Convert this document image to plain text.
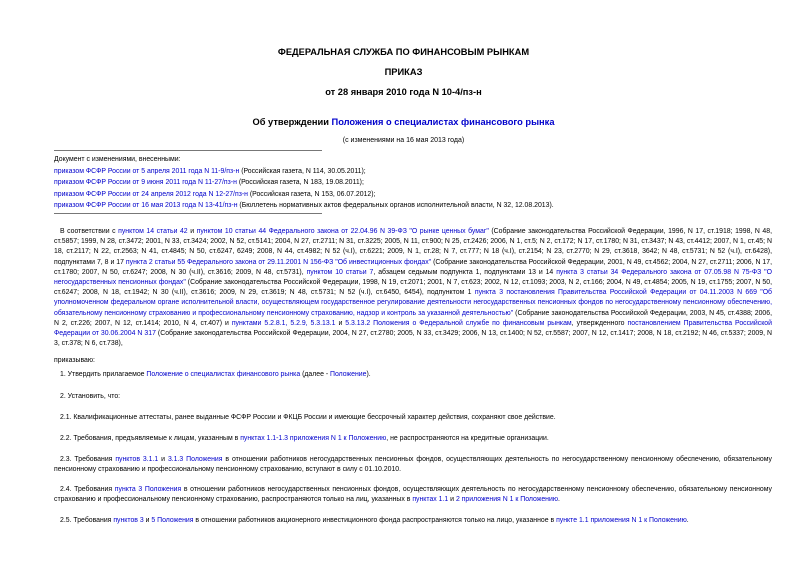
ФЕДЕРАЛЬНАЯ СЛУЖБА ПО ФИНАНСОВЫМ РЫНКАМ
ПРИКАЗ
от 28 января 2010 года N 10-4/пз-н
Об утверждении Положения о специалистах финансового рынка
(с изменениями на 16 мая 2013 года)
Документ с изменениями, внесенными:
приказом ФСФР России от 5 апреля 2011 года N 11-9/пз-н (Российская газета, N 114, 30.05.2011);
приказом ФСФР России от 9 июня 2011 года N 11-27/пз-н (Российская газета, N 183, 19.08.2011);
приказом ФСФР России от 24 апреля 2012 года N 12-27/пз-н (Российская газета, N 153, 06.07.2012);
приказом ФСФР России от 16 мая 2013 года N 13-41/пз-н (Бюллетень нормативных актов федеральных органов исполнительной власти, N 32, 12.08.2013).
В соответствии с пунктом 14 статьи 42 и пунктом 10 статьи 44 Федерального закона от 22.04.96 N 39-ФЗ "О рынке ценных бумаг" (Собрание законодательства Российской Федерации, 1996, N 17, ст.1918; 1998, N 48, ст.5857; 1999, N 28, ст.3472; 2001, N 33, ст.3424; 2002, N 52, ст.5141; 2004, N 27, ст.2711; N 31, ст.3225; 2005, N 11, ст.900; N 25, ст.2426; 2006, N 1, ст.5; N 2, ст.172; N 17, ст.1780; N 31, ст.3437; N 43, ст.4412; 2007, N 1, ст.45; N 18, ст.2117; N 22, ст.2563; N 41, ст.4845; N 50, ст.6247, 6249; 2008, N 44, ст.4982; N 52 (ч.I), ст.6221; 2009, N 1, ст.28; N 7, ст.777; N 18 (ч.I), ст.2154; N 23, ст.2770; N 29, ст.3618, 3642; N 48, ст.5731; N 52 (ч.I), ст.6428), подпунктами 7, 8 и 17 пункта 2 статьи 55 Федерального закона от 29.11.2001 N 156-ФЗ "Об инвестиционных фондах" (Собрание законодательства Российской Федерации, 2001, N 49, ст.4562; 2004, N 27, ст.2711; 2006, N 17, ст.1780; 2007, N 50, ст.6247; 2008, N 30 (ч.II), ст.3616; 2009, N 48, ст.5731), пунктом 10 статьи 7, абзацем седьмым подпункта 1, подпунктами 13 и 14 пункта 3 статьи 34 Федерального закона от 07.05.98 N 75-ФЗ "О негосударственных пенсионных фондах" (Собрание законодательства Российской Федерации, 1998, N 19, ст.2071; 2001, N 7, ст.623; 2002, N 12, ст.1093; 2003, N 2, ст.166; 2004, N 49, ст.4854; 2005, N 19, ст.1755; 2007, N 50, ст.6247; 2008, N 18, ст.1942; N 30 (ч.II), ст.3616; 2009, N 29, ст.3619; N 48, ст.5731; N 52 (ч.I), ст.6450, 6454), подпунктом 1 пункта 3 постановления Правительства Российской Федерации от 04.11.2003 N 669 "Об уполномоченном федеральном органе исполнительной власти, осуществляющем государственное регулирование деятельности негосударственных пенсионных фондов по негосударственному пенсионному обеспечению, обязательному пенсионному страхованию и профессиональному пенсионному страхованию, надзор и контроль за указанной деятельностью" (Собрание законодательства Российской Федерации, 2003, N 45, ст.4388; 2006, N 2, ст.226; 2007, N 12, ст.1414; 2010, N 4, ст.407) и пунктами 5.2.8.1, 5.2.9, 5.3.13.1 и 5.3.13.2 Положения о Федеральной службе по финансовым рынкам, утвержденного постановлением Правительства Российской Федерации от 30.06.2004 N 317 (Собрание законодательства Российской Федерации, 2004, N 27, ст.2780; 2005, N 33, ст.3429; 2006, N 13, ст.1400; N 52, ст.5587; 2007, N 12, ст.1417; 2008, N 18, ст.2192; N 46, ст.5337; 2009, N 3, ст.378; N 6, ст.738),
приказываю:
1. Утвердить прилагаемое Положение о специалистах финансового рынка (далее - Положение).
2. Установить, что:
2.1. Квалификационные аттестаты, ранее выданные ФСФР России и ФКЦБ России и имеющие бессрочный характер действия, сохраняют свое действие.
2.2. Требования, предъявляемые к лицам, указанным в пунктах 1.1-1.3 приложения N 1 к Положению, не распространяются на кредитные организации.
2.3. Требования пунктов 3.1.1 и 3.1.3 Положения в отношении работников негосударственных пенсионных фондов, осуществляющих деятельность по негосударственному пенсионному обеспечению, обязательному пенсионному страхованию и профессиональному пенсионному страхованию, вступают в силу с 01.10.2010.
2.4. Требования пункта 3 Положения в отношении работников негосударственных пенсионных фондов, осуществляющих деятельность по негосударственному пенсионному обеспечению, обязательному пенсионному страхованию и профессиональному пенсионному страхованию, распространяются только на лиц, указанных в пунктах 1.1 и 2 приложения N 1 к Положению.
2.5. Требования пунктов 3 и 5 Положения в отношении работников акционерного инвестиционного фонда распространяются только на лицо, указанное в пункте 1.1 приложения N 1 к Положению.
